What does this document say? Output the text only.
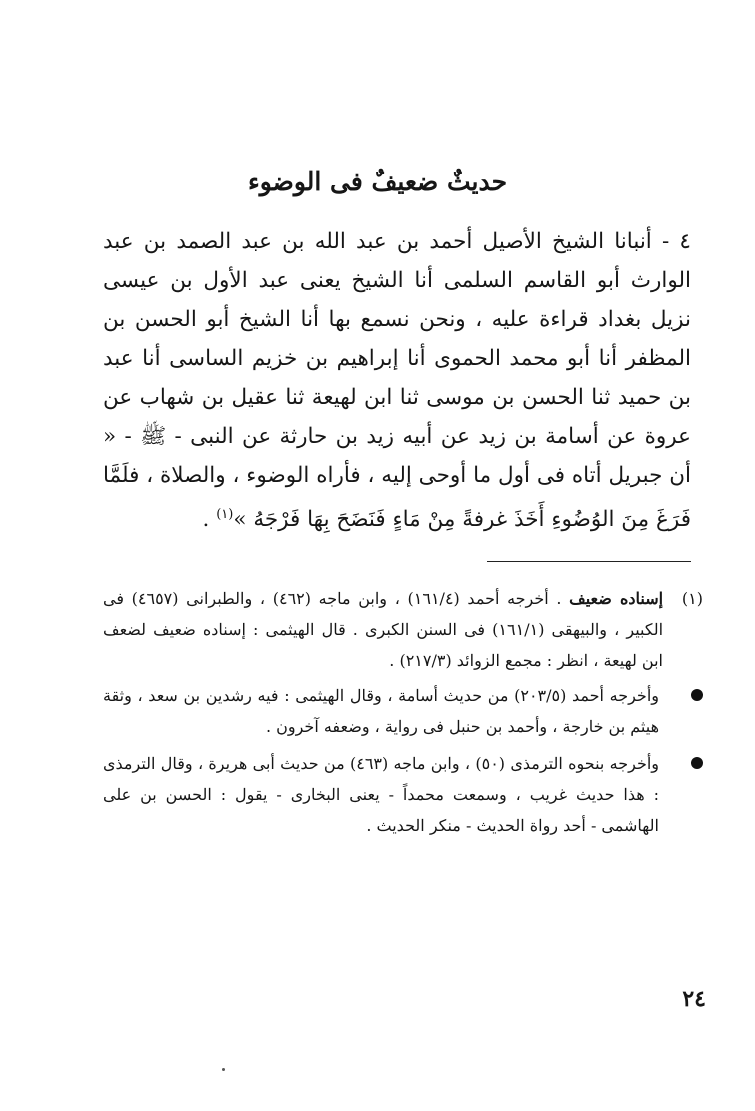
حديثٌ ضعيفٌ فى الوضوء

٤ - أنبانا الشيخ الأصيل أحمد بن عبد الله بن عبد الصمد بن عبد الوارث أبو القاسم السلمى أنا الشيخ يعنى عبد الأول بن عيسى نزيل بغداد قراءة عليه ، ونحن نسمع بها أنا الشيخ أبو الحسن بن المظفر أنا أبو محمد الحموى أنا إبراهيم بن خزيم الساسى أنا عبد بن حميد ثنا الحسن بن موسى ثنا ابن لهيعة ثنا عقيل بن شهاب عن عروة عن أسامة بن زيد عن أبيه زيد بن حارثة عن النبى - ﷺ - « أن جبريل أتاه فى أول ما أوحى إليه ، فأراه الوضوء ، والصلاة ، فلَمَّا فَرَغَ مِنَ الوُضُوءِ أَخَذَ غرفةً مِنْ مَاءٍ فَنَضَحَ بِهَا فَرْجَهُ »$^{(١)}$ .

(١)
إسناده ضعيف . أخرجه أحمد (١٦١/٤) ، وابن ماجه (٤٦٢) ، والطبرانى (٤٦٥٧) فى الكبير ، والبيهقى (١٦١/١) فى السنن الكبرى . قال الهيثمى : إسناده ضعيف لضعف ابن لهيعة ، انظر : مجمع الزوائد (٢١٧/٣) .
وأخرجه أحمد (٢٠٣/٥) من حديث أسامة ، وقال الهيثمى : فيه رشدين بن سعد ، وثقة هيثم بن خارجة ، وأحمد بن حنبل فى رواية ، وضعفه آخرون .
وأخرجه بنحوه الترمذى (٥٠) ، وابن ماجه (٤٦٣) من حديث أبى هريرة ، وقال الترمذى : هذا حديث غريب ، وسمعت محمداً - يعنى البخارى - يقول : الحسن بن على الهاشمى - أحد رواة الحديث - منكر الحديث .
٢٤
